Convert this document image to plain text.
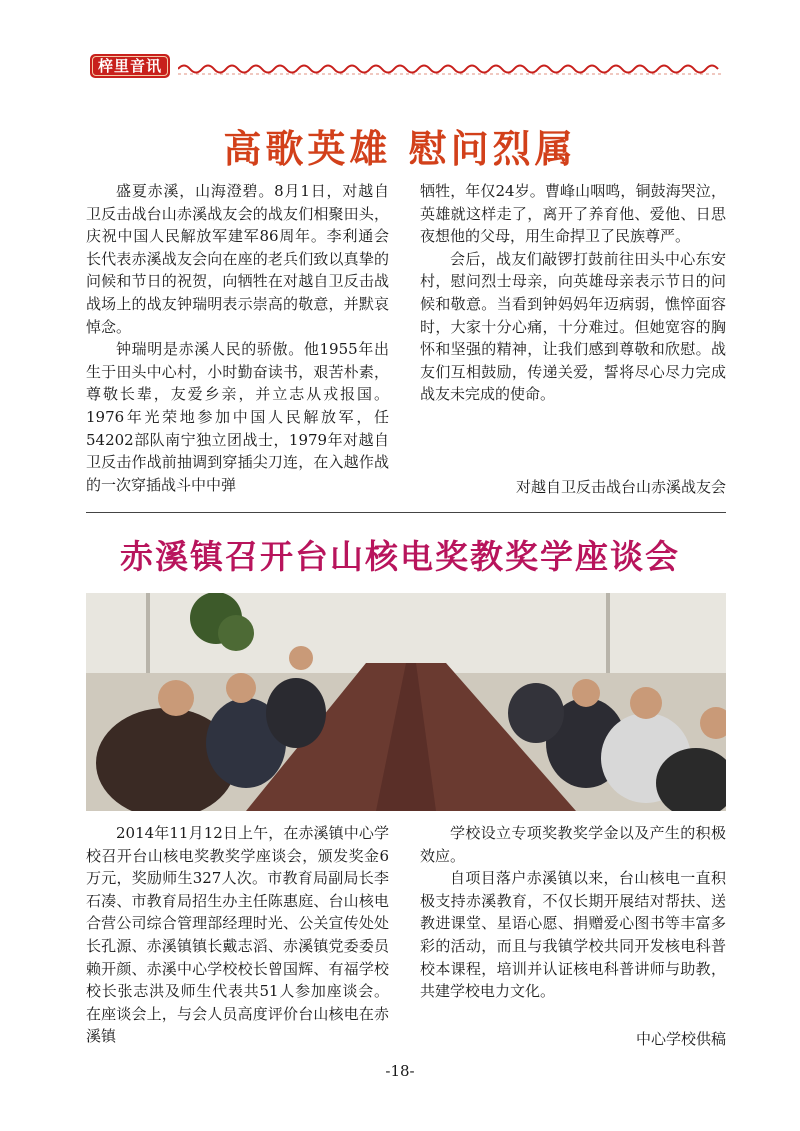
梓里音讯
高歌英雄 慰问烈属

盛夏赤溪，山海澄碧。8月1日，对越自卫反击战台山赤溪战友会的战友们相聚田头，庆祝中国人民解放军建军86周年。李利通会长代表赤溪战友会向在座的老兵们致以真挚的问候和节日的祝贺，向牺牲在对越自卫反击战战场上的战友钟瑞明表示崇高的敬意，并默哀悼念。

钟瑞明是赤溪人民的骄傲。他1955年出生于田头中心村，小时勤奋读书，艰苦朴素，尊敬长辈，友爱乡亲，并立志从戎报国。1976年光荣地参加中国人民解放军，任54202部队南宁独立团战士，1979年对越自卫反击作战前抽调到穿插尖刀连，在入越作战的一次穿插战斗中中弹

牺牲，年仅24岁。曹峰山咽鸣，铜鼓海哭泣，英雄就这样走了，离开了养育他、爱他、日思夜想他的父母，用生命捍卫了民族尊严。

会后，战友们敲锣打鼓前往田头中心东安村，慰问烈士母亲，向英雄母亲表示节日的问候和敬意。当看到钟妈妈年迈病弱，憔悴面容时，大家十分心痛，十分难过。但她宽容的胸怀和坚强的精神，让我们感到尊敬和欣慰。战友们互相鼓励，传递关爱，誓将尽心尽力完成战友未完成的使命。

对越自卫反击战台山赤溪战友会
赤溪镇召开台山核电奖教奖学座谈会

2014年11月12日上午，在赤溪镇中心学校召开台山核电奖教奖学座谈会，颁发奖金6万元，奖励师生327人次。市教育局副局长李石凑、市教育局招生办主任陈惠庭、台山核电合营公司综合管理部经理时光、公关宣传处处长孔源、赤溪镇镇长戴志滔、赤溪镇党委委员赖开颜、赤溪中心学校校长曾国辉、有福学校校长张志洪及师生代表共51人参加座谈会。在座谈会上，与会人员高度评价台山核电在赤溪镇

学校设立专项奖教奖学金以及产生的积极效应。

自项目落户赤溪镇以来，台山核电一直积极支持赤溪教育，不仅长期开展结对帮扶、送教进课堂、星语心愿、捐赠爱心图书等丰富多彩的活动，而且与我镇学校共同开发核电科普校本课程，培训并认证核电科普讲师与助教，共建学校电力文化。

中心学校供稿
-18-
